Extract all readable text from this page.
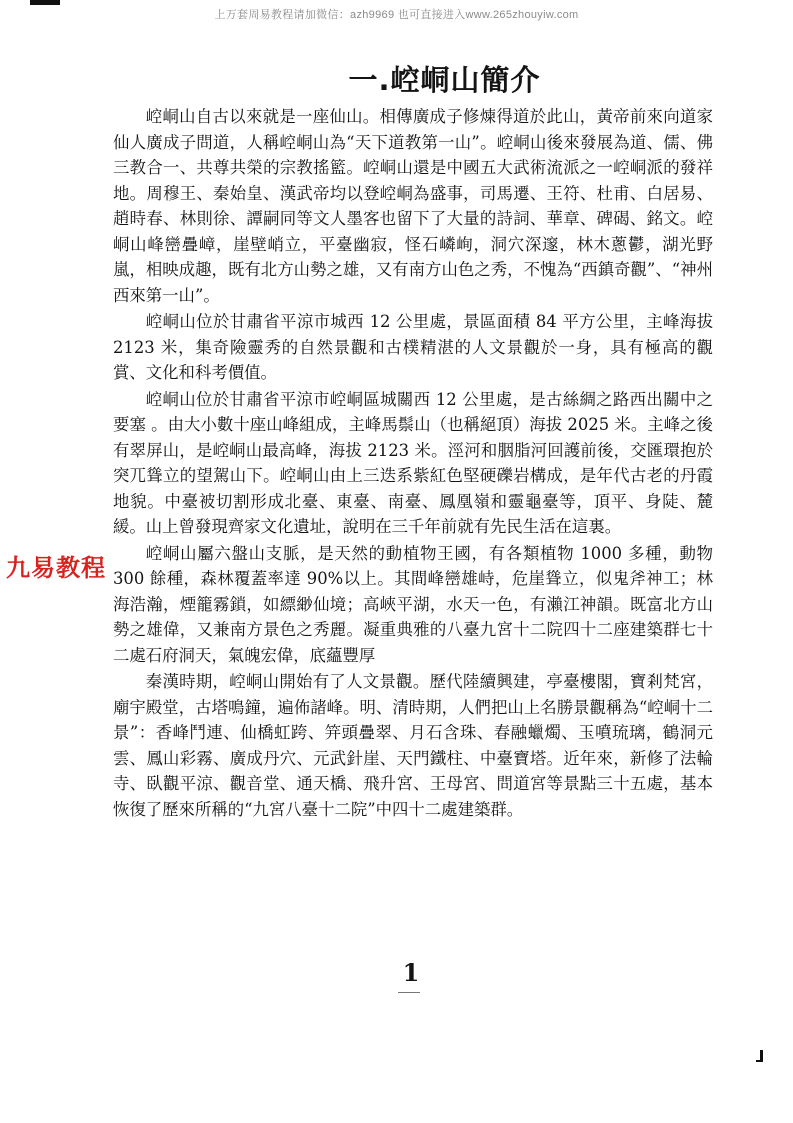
上万套周易教程请加微信：azh9969 也可直接进入www.265zhouyiw.com
一.崆峒山簡介

崆峒山自古以來就是一座仙山。相傳廣成子修煉得道於此山，黃帝前來向道家仙人廣成子問道，人稱崆峒山為“天下道教第一山”。崆峒山後來發展為道、儒、佛三教合一、共尊共榮的宗教搖籃。崆峒山還是中國五大武術流派之一崆峒派的發祥地。周穆王、秦始皇、漢武帝均以登崆峒為盛事，司馬遷、王符、杜甫、白居易、趙時春、林則徐、譚嗣同等文人墨客也留下了大量的詩詞、華章、碑碣、銘文。崆峒山峰巒疊嶂，崖壁峭立，平臺幽寂，怪石嶙峋，洞穴深邃，林木蔥鬱，湖光野嵐，相映成趣，既有北方山勢之雄，又有南方山色之秀，不愧為“西鎮奇觀”、“神州西來第一山”。

崆峒山位於甘肅省平涼市城西 12 公里處，景區面積 84 平方公里，主峰海拔 2123 米，集奇險靈秀的自然景觀和古樸精湛的人文景觀於一身，具有極高的觀賞、文化和科考價值。

崆峒山位於甘肅省平涼市崆峒區城關西 12 公里處，是古絲綢之路西出關中之要塞 。由大小數十座山峰組成，主峰馬鬃山（也稱絕頂）海拔 2025 米。主峰之後有翠屏山，是崆峒山最高峰，海拔 2123 米。涇河和胭脂河回護前後，交匯環抱於突兀聳立的望駕山下。崆峒山由上三迭系紫紅色堅硬礫岩構成，是年代古老的丹霞地貌。中臺被切割形成北臺、東臺、南臺、鳳凰嶺和靈龜臺等，頂平、身陡、麓緩。山上曾發現齊家文化遺址，說明在三千年前就有先民生活在這裏。

崆峒山屬六盤山支脈，是天然的動植物王國，有各類植物 1000 多種，動物 300 餘種，森林覆蓋率達 90%以上。其間峰巒雄峙，危崖聳立，似鬼斧神工；林海浩瀚，煙籠霧鎖，如縹緲仙境；高峽平湖，水天一色，有瀨江神韻。既富北方山勢之雄偉，又兼南方景色之秀麗。凝重典雅的八臺九宮十二院四十二座建築群七十二處石府洞天，氣魄宏偉，底蘊豐厚

秦漢時期，崆峒山開始有了人文景觀。歷代陸續興建，亭臺樓閣，寶剎梵宮，廟宇殿堂，古塔鳴鐘，遍佈諸峰。明、清時期，人們把山上名勝景觀稱為“崆峒十二景”：香峰鬥連、仙橋虹跨、笄頭疊翠、月石含珠、春融蠟燭、玉噴琉璃，鶴洞元雲、鳳山彩霧、廣成丹穴、元武針崖、天門鐵柱、中臺寶塔。近年來，新修了法輪寺、臥觀平涼、觀音堂、通天橋、飛升宮、王母宮、問道宮等景點三十五處，基本恢復了歷來所稱的“九宮八臺十二院”中四十二處建築群。

九易教程
1
